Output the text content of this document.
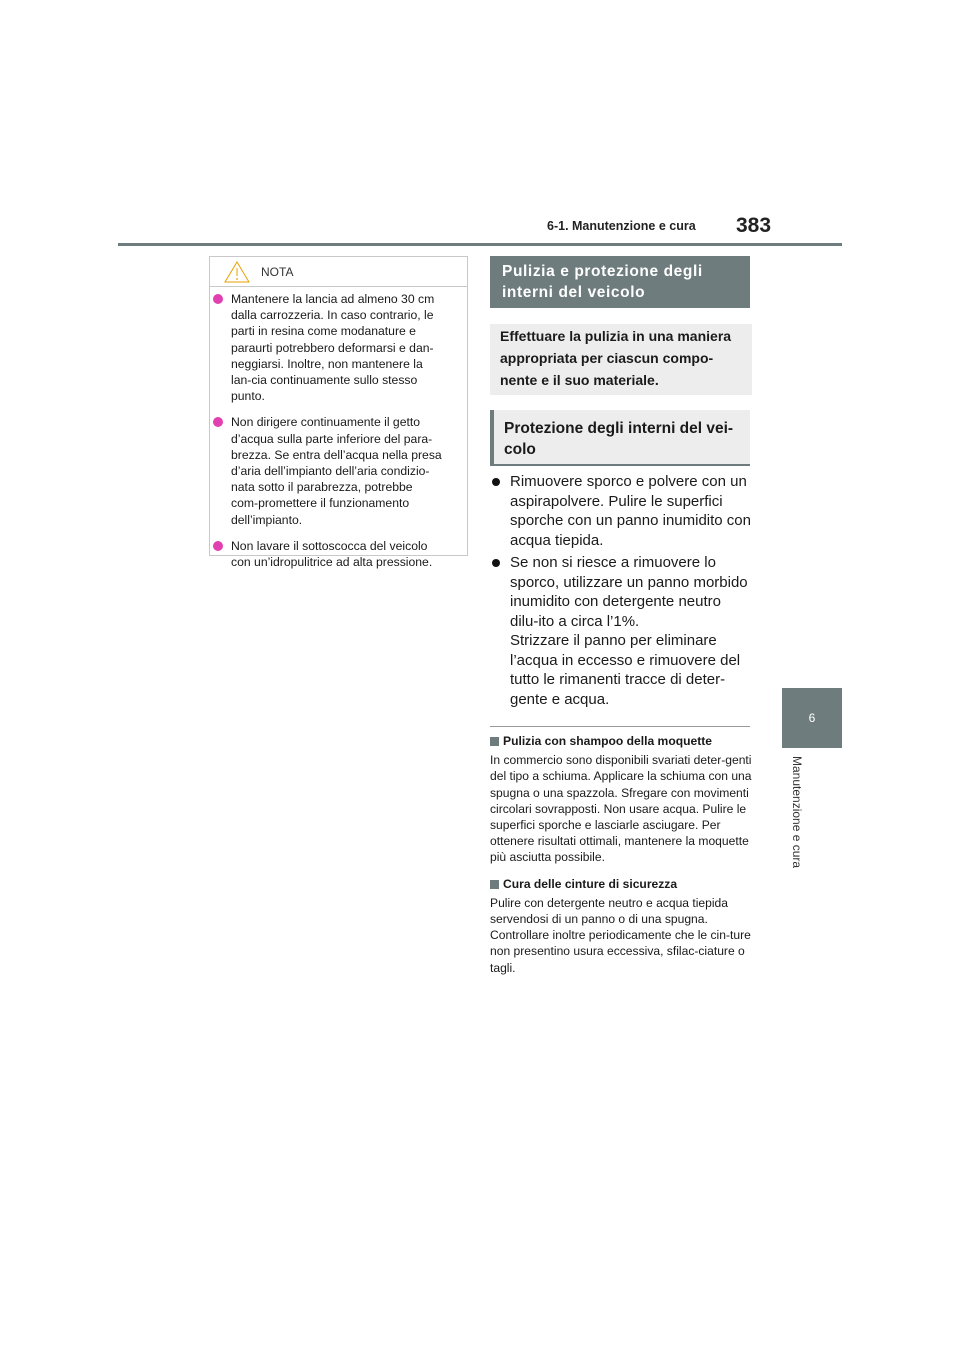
6-1. Manutenzione e cura 383
6
Manutenzione e cura
NOTA
Mantenere la lancia ad almeno 30 cm dalla carrozzeria. In caso contrario, le parti in resina come modanature e paraurti potrebbero deformarsi e dan-neggiarsi. Inoltre, non mantenere la lan-cia continuamente sullo stesso punto.
Non dirigere continuamente il getto d’acqua sulla parte inferiore del para-brezza. Se entra dell’acqua nella presa d’aria dell’impianto dell’aria condizio-nata sotto il parabrezza, potrebbe com-promettere il funzionamento dell’impianto.
Non lavare il sottoscocca del veicolo con un’idropulitrice ad alta pressione.
Pulizia e protezione degli interni del veicolo
Effettuare la pulizia in una maniera appropriata per ciascun compo-nente e il suo materiale.
Protezione degli interni del vei-colo
Rimuovere sporco e polvere con un aspirapolvere. Pulire le superfici sporche con un panno inumidito con acqua tiepida.
Se non si riesce a rimuovere lo sporco, utilizzare un panno morbido inumidito con detergente neutro dilu-ito a circa l’1%.
Strizzare il panno per eliminare l’acqua in eccesso e rimuovere del tutto le rimanenti tracce di deter-gente e acqua.
Pulizia con shampoo della moquette
In commercio sono disponibili svariati deter-genti del tipo a schiuma. Applicare la schiuma con una spugna o una spazzola. Sfregare con movimenti circolari sovrapposti. Non usare acqua. Pulire le superfici sporche e lasciarle asciugare. Per ottenere risultati ottimali, mantenere la moquette più asciutta possibile.
Cura delle cinture di sicurezza
Pulire con detergente neutro e acqua tiepida servendosi di un panno o di una spugna. Controllare inoltre periodicamente che le cin-ture non presentino usura eccessiva, sfilac-ciature o tagli.
